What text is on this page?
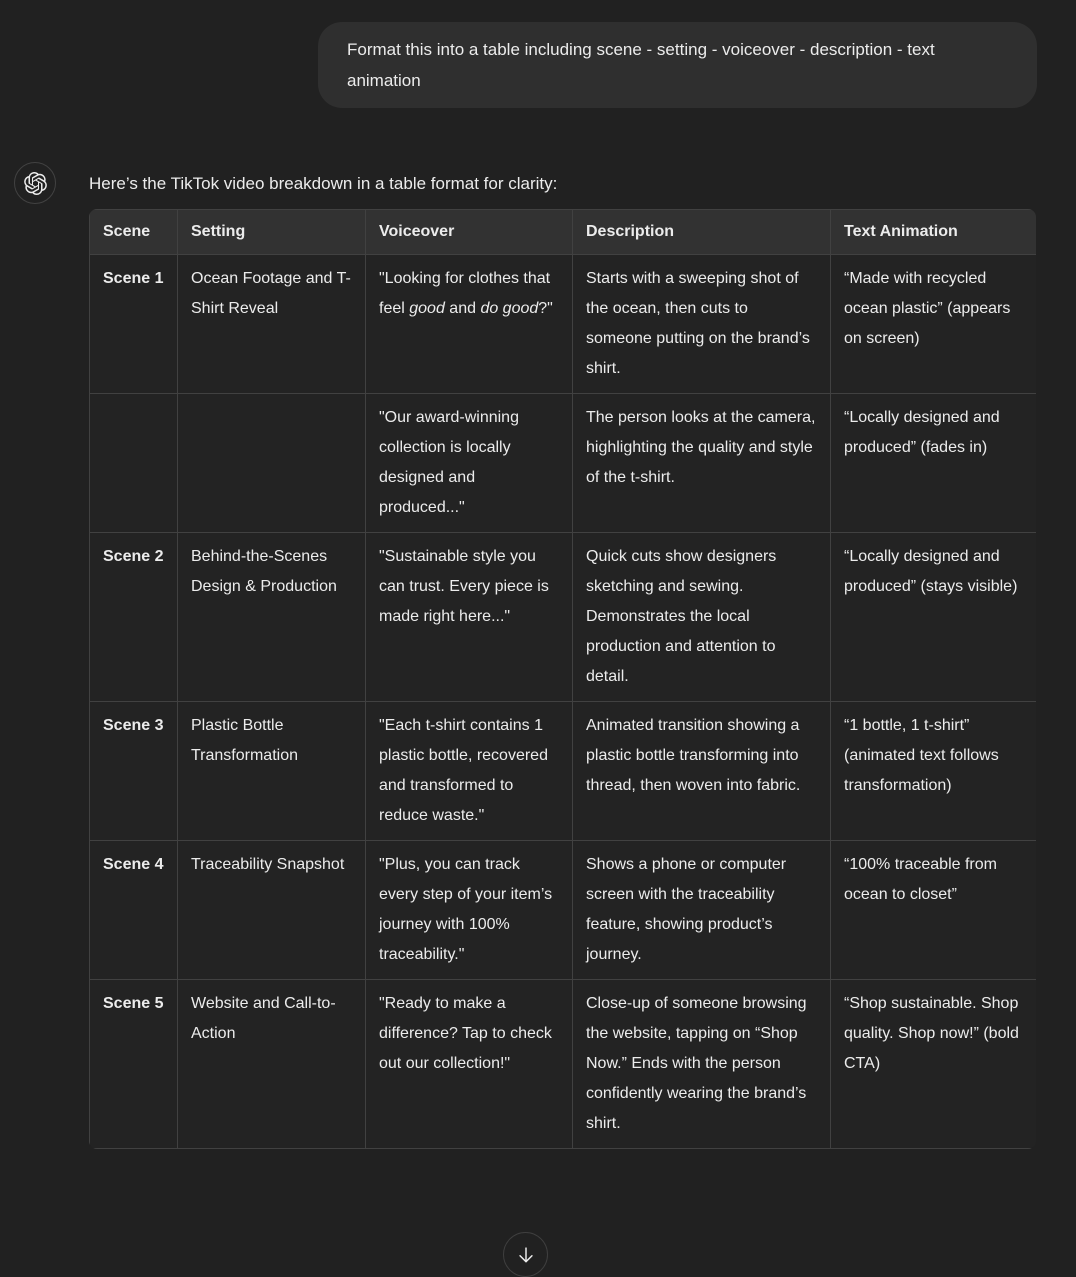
Format this into a table including scene - setting - voiceover - description - text animation

Here’s the TikTok video breakdown in a table format for clarity:

Scene	Setting	Voiceover	Description	Text Animation
Scene 1	Ocean Footage and T-Shirt Reveal	"Looking for clothes that feel good and do good?"	Starts with a sweeping shot of the ocean, then cuts to someone putting on the brand’s shirt.	“Made with recycled ocean plastic” (appears on screen)
		"Our award-winning collection is locally designed and produced..."	The person looks at the camera, highlighting the quality and style of the t-shirt.	“Locally designed and produced” (fades in)
Scene 2	Behind-the-Scenes Design & Production	"Sustainable style you can trust. Every piece is made right here..."	Quick cuts show designers sketching and sewing. Demonstrates the local production and attention to detail.	“Locally designed and produced” (stays visible)
Scene 3	Plastic Bottle Transformation	"Each t-shirt contains 1 plastic bottle, recovered and transformed to reduce waste."	Animated transition showing a plastic bottle transforming into thread, then woven into fabric.	“1 bottle, 1 t-shirt” (animated text follows transformation)
Scene 4	Traceability Snapshot	"Plus, you can track every step of your item’s journey with 100% traceability."	Shows a phone or computer screen with the traceability feature, showing product’s journey.	“100% traceable from ocean to closet”
Scene 5	Website and Call-to-Action	"Ready to make a difference? Tap to check out our collection!"	Close-up of someone browsing the website, tapping on “Shop Now.” Ends with the person confidently wearing the brand’s shirt.	“Shop sustainable. Shop quality. Shop now!” (bold CTA)
